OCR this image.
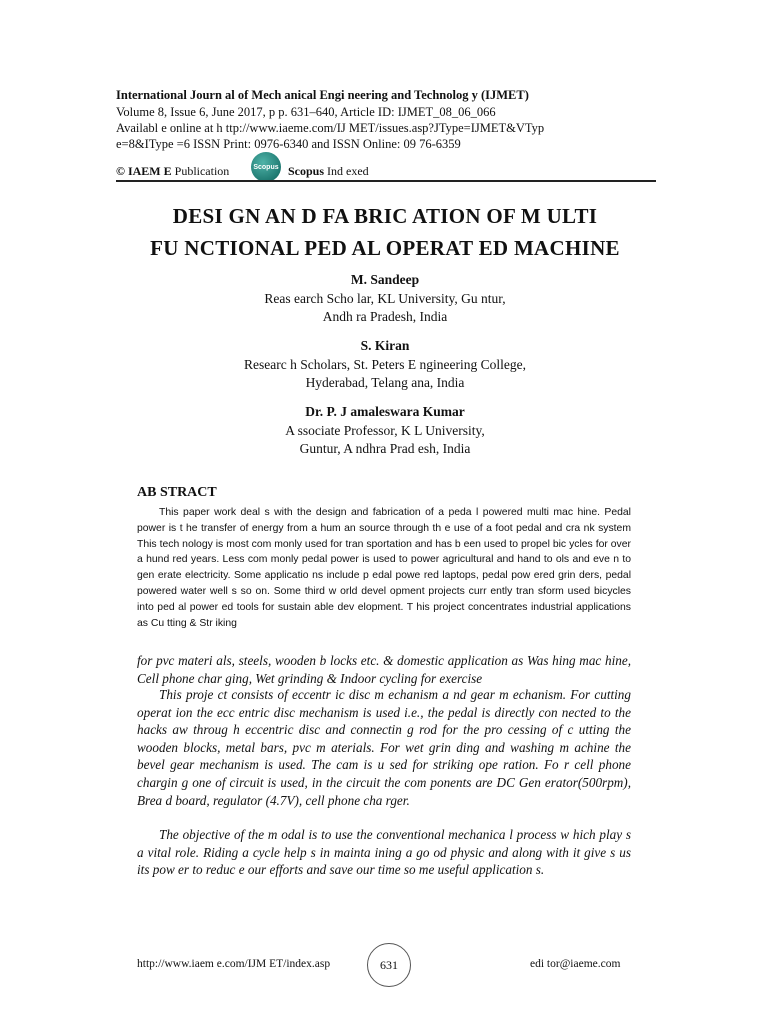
International Journ al of Mech anical Engi neering and Technolog y (IJMET)
Volume 8, Issue 6, June 2017, p p. 631–640, Article ID: IJMET_08_06_066
Availabl e online at h ttp://www.iaeme.com/IJ MET/issues.asp?JType=IJMET&VTyp
e=8&IType =6 ISSN Print: 0976-6340 and ISSN Online: 09 76-6359
© IAEM E Publication	Scopus Scopus Ind exed
DESI GN AN D FA BRIC ATION OF M ULTI
FU NCTIONAL PED AL OPERAT ED MACHINE
M. Sandeep
Reas earch Scho lar, KL University, Gu ntur,
Andh ra Pradesh, India
S. Kiran
Researc h Scholars, St. Peters E ngineering College,
Hyderabad, Telang ana, India
Dr. P. J amaleswara Kumar
A ssociate Professor, K L University,
Guntur, A ndhra Prad esh, India
AB STRACT

This paper work deal s with the design and fabrication of a peda l powered multi mac hine. Pedal power is t he transfer of energy from a hum an source through th e use of a foot pedal and cra nk system This tech nology is most com monly used for tran sportation and has b een used to propel bic ycles for over a hund red years. Less com monly pedal power is used to power agricultural and hand to ols and eve n to gen erate electricity. Some applicatio ns include p edal powe red laptops, pedal pow ered grin ders, pedal powered water well s so on. Some third w orld devel opment projects curr ently tran sform used bicycles into ped al power ed tools for sustain able dev elopment. T his project concentrates industrial applications as Cu tting & Str iking

for pvc materi als, steels, wooden b locks etc. & domestic application as Was hing mac hine, Cell phone char ging, Wet grinding & Indoor cycling for exercise

This proje ct consists of eccentr ic disc m echanism a nd gear m echanism. For cutting operat ion the ecc entric disc mechanism is used i.e., the pedal is directly con nected to the hacks aw throug h eccentric disc and connectin g rod for the pro cessing of c utting the wooden blocks, metal bars, pvc m aterials. For wet grin ding and washing m achine the bevel gear mechanism is used. The cam is u sed for striking ope ration. Fo r cell phone chargin g one of circuit is used, in the circuit the com ponents are DC Gen erator(500rpm), Brea d board, regulator (4.7V), cell phone cha rger.

The objective of the m odal is to use the conventional mechanica l process w hich play s a vital role. Riding a cycle help s in mainta ining a go od physic and along with it give s us its pow er to reduc e our efforts and save our time so me useful application s.

http://www.iaem e.com/IJM ET/index.asp	631	edi tor@iaeme.com
